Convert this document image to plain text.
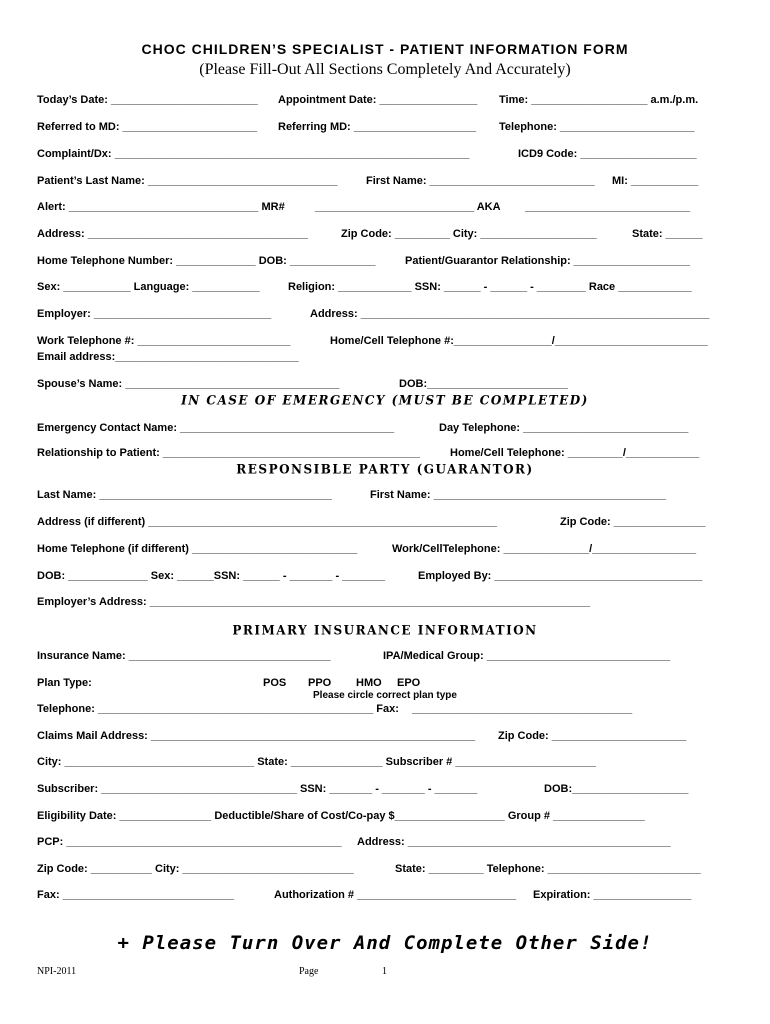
CHOC CHILDREN’S SPECIALIST - PATIENT INFORMATION FORM
(Please Fill-Out All Sections Completely And Accurately)
Today’s Date: ________________________ Appointment Date: ________________ Time: ___________________ a.m./p.m.
Referred to MD: ______________________ Referring MD: ____________________ Telephone: ______________________
Complaint/Dx: __________________________________________________________	ICD9 Code: ___________________
Patient’s Last Name: _______________________________	First Name: ___________________________ MI: ___________
Alert: _______________________________ MR#	__________________________ AKA ___________________________
Address: ____________________________________	Zip Code: _________ City: ___________________	State: ______
Home Telephone Number: _____________ DOB: ______________	Patient/Guarantor Relationship: ___________________
Sex: ___________ Language: ___________	Religion: ____________ SSN: ______ - ______ - ________ Race ____________
Employer: _____________________________	Address: _________________________________________________________
Work Telephone #: _________________________	Home/Cell Telephone #:________________/_________________________
Email address:______________________________
Spouse’s Name: ___________________________________	DOB:_______________________
IN CASE OF EMERGENCY (MUST BE COMPLETED)
Emergency Contact Name: ___________________________________	Day Telephone: ___________________________
Relationship to Patient: __________________________________________	Home/Cell Telephone: _________/____________
RESPONSIBLE PARTY (GUARANTOR)
Last Name: ______________________________________	First Name: ______________________________________
Address (if different) _________________________________________________________	Zip Code: _______________
Home Telephone (if different) ___________________________	Work/CellTelephone: ______________/_________________
DOB: _____________ Sex: ______SSN: ______ - _______ - _______	Employed By: __________________________________
Employer’s Address: ________________________________________________________________________
PRIMARY INSURANCE INFORMATION
Insurance Name: _________________________________	IPA/Medical Group: ______________________________
Plan Type:	POS PPO HMO EPO
Please circle correct plan type
Telephone: _____________________________________________ Fax: ____________________________________
Claims Mail Address: _____________________________________________________ Zip Code: ______________________
City: _______________________________ State: _______________ Subscriber # _______________________
Subscriber: ________________________________ SSN: _______ - _______ - _______	DOB:___________________
Eligibility Date: _______________ Deductible/Share of Cost/Co-pay $__________________ Group # _______________
PCP: _____________________________________________ Address: ___________________________________________
Zip Code: __________ City: ____________________________	State: _________ Telephone: _________________________
Fax: ____________________________	Authorization # __________________________ Expiration: ________________
+ Please Turn Over And Complete Other Side!
NPI-2011	Page	1
